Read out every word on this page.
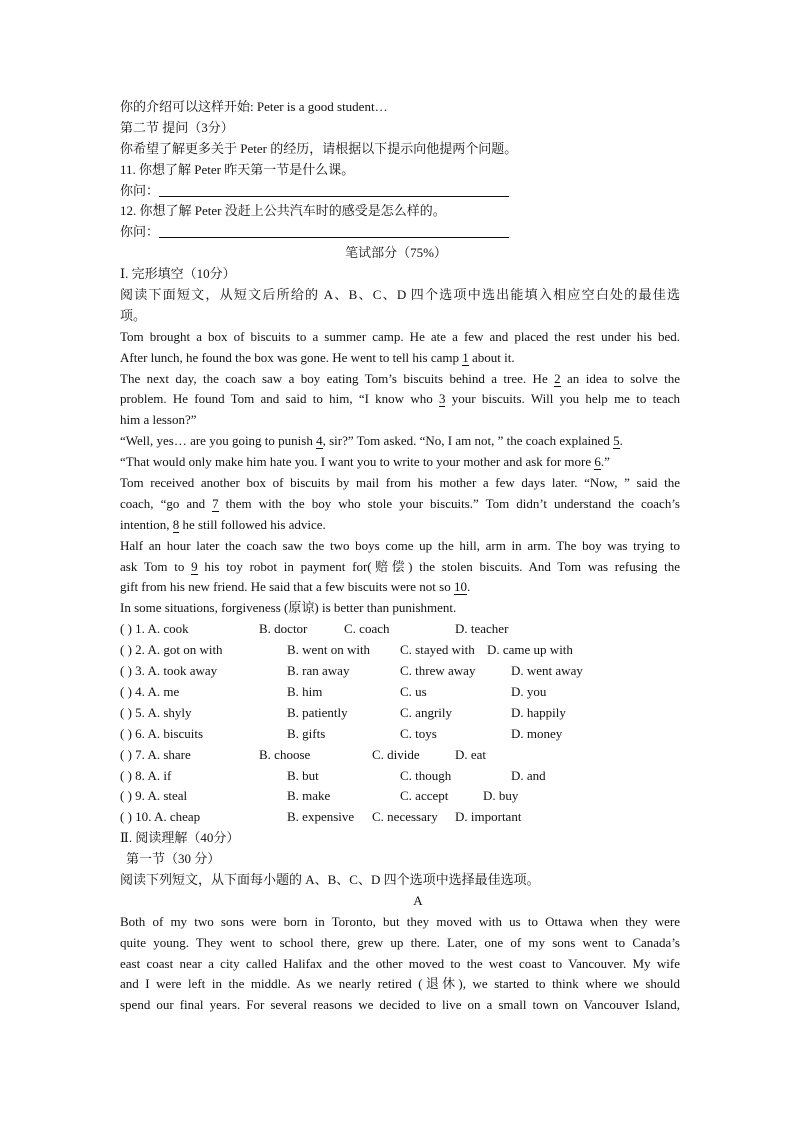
你的介绍可以这样开始: Peter is a good student…
第二节 提问（3分）
你希望了解更多关于 Peter 的经历，请根据以下提示向他提两个问题。
11. 你想了解 Peter 昨天第一节是什么课。
你问：
12. 你想了解 Peter 没赶上公共汽车时的感受是怎么样的。
你问：
笔试部分（75%）
Ⅰ. 完形填空（10分）
阅读下面短文，从短文后所给的 A、B、C、D 四个选项中选出能填入相应空白处的最佳选
项。
Tom brought a box of biscuits to a summer camp. He ate a few and placed the rest under his bed.
After lunch, he found the box was gone. He went to tell his camp 1 about it.
The next day, the coach saw a boy eating Tom’s biscuits behind a tree. He 2 an idea to solve the
problem. He found Tom and said to him, “I know who 3 your biscuits. Will you help me to teach
him a lesson?”
“Well, yes… are you going to punish 4, sir?” Tom asked. “No, I am not, ” the coach explained 5.
“That would only make him hate you. I want you to write to your mother and ask for more 6.”
Tom received another box of biscuits by mail from his mother a few days later. “Now, ” said the
coach, “go and 7 them with the boy who stole your biscuits.” Tom didn’t understand the coach’s
intention, 8 he still followed his advice.
Half an hour later the coach saw the two boys come up the hill, arm in arm. The boy was trying to
ask Tom to 9 his toy robot in payment for(赔偿) the stolen biscuits. And Tom was refusing the
gift from his new friend. He said that a few biscuits were not so 10.
In some situations, forgiveness (原谅) is better than punishment.
( ) 1. A. cook	B. doctor	C. coach	D. teacher
( ) 2. A. got on with	B. went on with C. stayed with D. came up with
( ) 3. A. took away	B. ran away	C. threw away	D. went away
( ) 4. A. me	B. him	C. us	D. you
( ) 5. A. shyly	B. patiently	C. angrily	D. happily
( ) 6. A. biscuits	B. gifts	C. toys	D. money
( ) 7. A. share	B. choose	C. divide	D. eat
( ) 8. A. if	B. but	C. though	D. and
( ) 9. A. steal	B. make	C. accept	D. buy
( ) 10. A. cheap	B. expensive C. necessary D. important
Ⅱ. 阅读理解（40分）
第一节（30 分）
阅读下列短文，从下面每小题的 A、B、C、D 四个选项中选择最佳选项。
A
Both of my two sons were born in Toronto, but they moved with us to Ottawa when they were
quite young. They went to school there, grew up there. Later, one of my sons went to Canada’s
east coast near a city called Halifax and the other moved to the west coast to Vancouver. My wife
and I were left in the middle. As we nearly retired (退休), we started to think where we should
spend our final years. For several reasons we decided to live on a small town on Vancouver Island,
